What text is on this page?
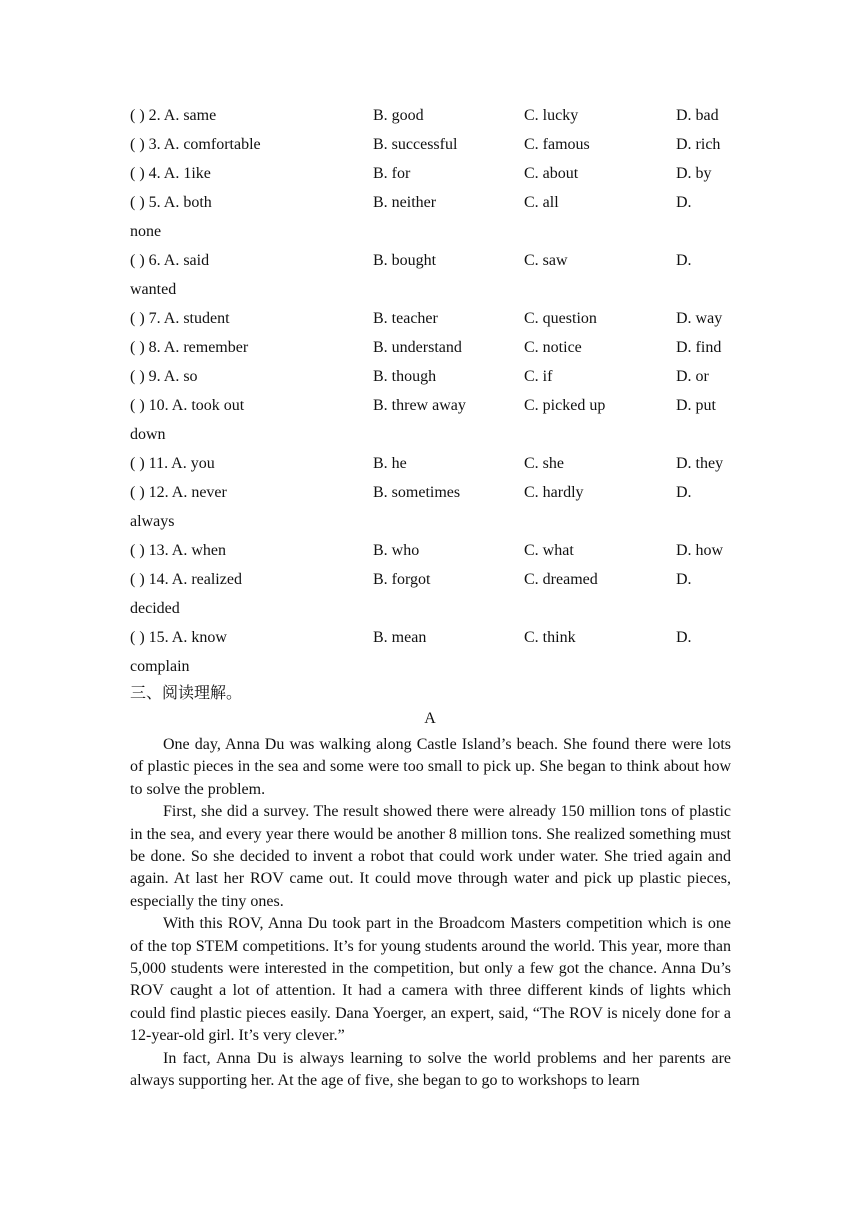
( ) 2. A. same	B. good	C. lucky	D. bad
( ) 3. A. comfortable	B. successful	C. famous	D. rich
( ) 4. A. 1ike	B. for	C. about	D. by
( ) 5. A. both	B. neither	C. all	D.
none
( ) 6. A. said	B. bought	C. saw	D.
wanted
( ) 7. A. student	B. teacher	C. question	D. way
( ) 8. A. remember	B. understand	C. notice	D. find
( ) 9. A. so	B. though	C. if	D. or
( ) 10. A. took out	B. threw away	C. picked up	D. put
down
( ) 11. A. you	B. he	C. she	D. they
( ) 12. A. never	B. sometimes	C. hardly	D.
always
( ) 13. A. when	B. who	C. what	D. how
( ) 14. A. realized	B. forgot	C. dreamed	D.
decided
( ) 15. A. know	B. mean	C. think	D.
complain
三、阅读理解。
A

One day, Anna Du was walking along Castle Island’s beach. She found there were lots of plastic pieces in the sea and some were too small to pick up. She began to think about how to solve the problem.

First, she did a survey. The result showed there were already 150 million tons of plastic in the sea, and every year there would be another 8 million tons. She realized something must be done. So she decided to invent a robot that could work under water. She tried again and again. At last her ROV came out. It could move through water and pick up plastic pieces, especially the tiny ones.

With this ROV, Anna Du took part in the Broadcom Masters competition which is one of the top STEM competitions. It’s for young students around the world. This year, more than 5,000 students were interested in the competition, but only a few got the chance. Anna Du’s ROV caught a lot of attention. It had a camera with three different kinds of lights which could find plastic pieces easily. Dana Yoerger, an expert, said, “The ROV is nicely done for a 12-year-old girl. It’s very clever.”

In fact, Anna Du is always learning to solve the world problems and her parents are always supporting her. At the age of five, she began to go to workshops to learn
